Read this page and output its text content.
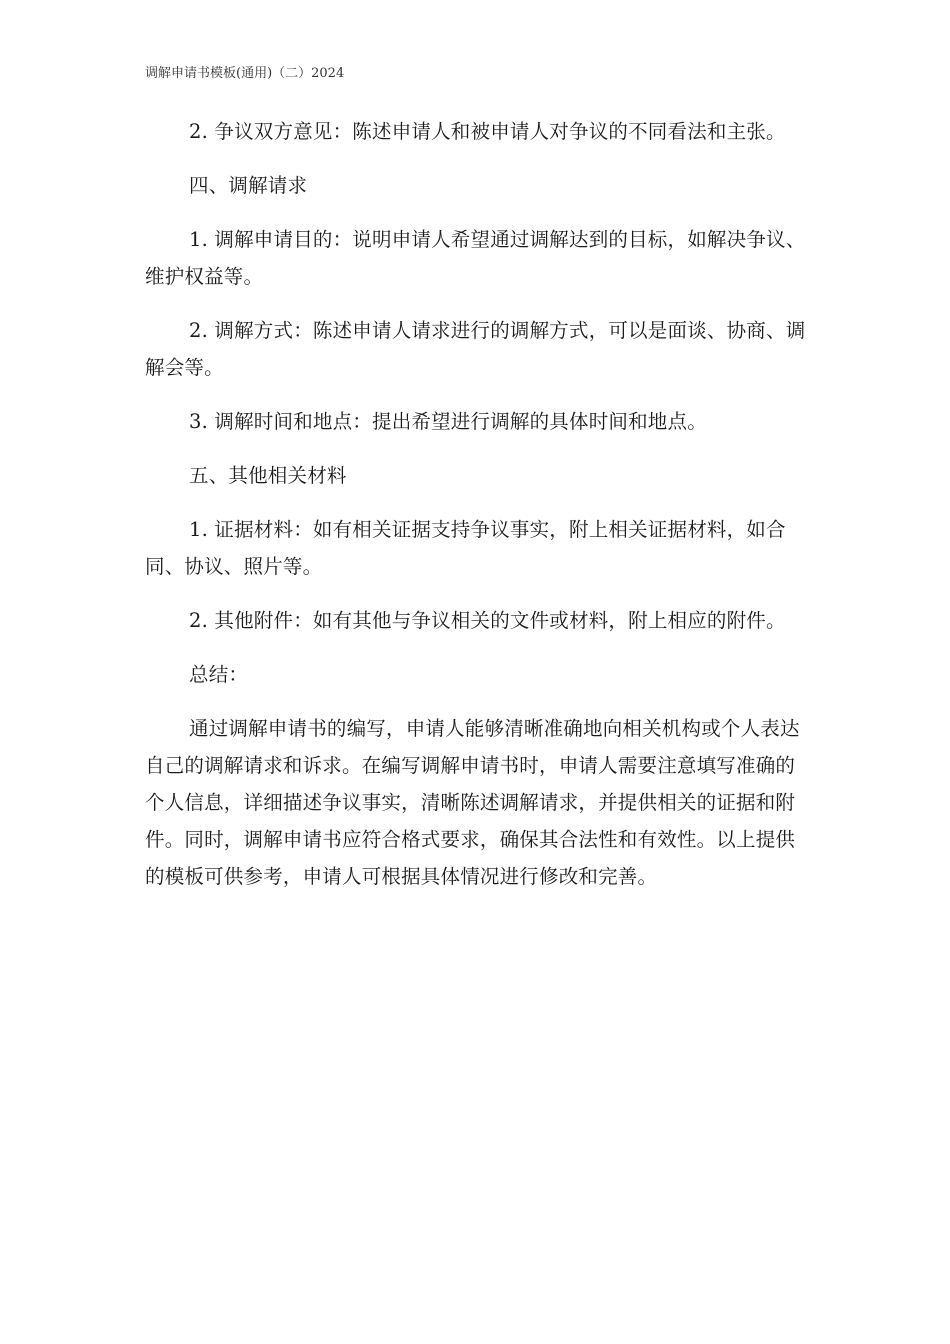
调解申请书模板(通用)（二）2024

2. 争议双方意见：陈述申请人和被申请人对争议的不同看法和主张。

四、调解请求

1. 调解申请目的：说明申请人希望通过调解达到的目标，如解决争议、维护权益等。

2. 调解方式：陈述申请人请求进行的调解方式，可以是面谈、协商、调解会等。

3. 调解时间和地点：提出希望进行调解的具体时间和地点。

五、其他相关材料

1. 证据材料：如有相关证据支持争议事实，附上相关证据材料，如合同、协议、照片等。

2. 其他附件：如有其他与争议相关的文件或材料，附上相应的附件。

总结：

通过调解申请书的编写，申请人能够清晰准确地向相关机构或个人表达自己的调解请求和诉求。在编写调解申请书时，申请人需要注意填写准确的个人信息，详细描述争议事实，清晰陈述调解请求，并提供相关的证据和附件。同时，调解申请书应符合格式要求，确保其合法性和有效性。以上提供的模板可供参考，申请人可根据具体情况进行修改和完善。
